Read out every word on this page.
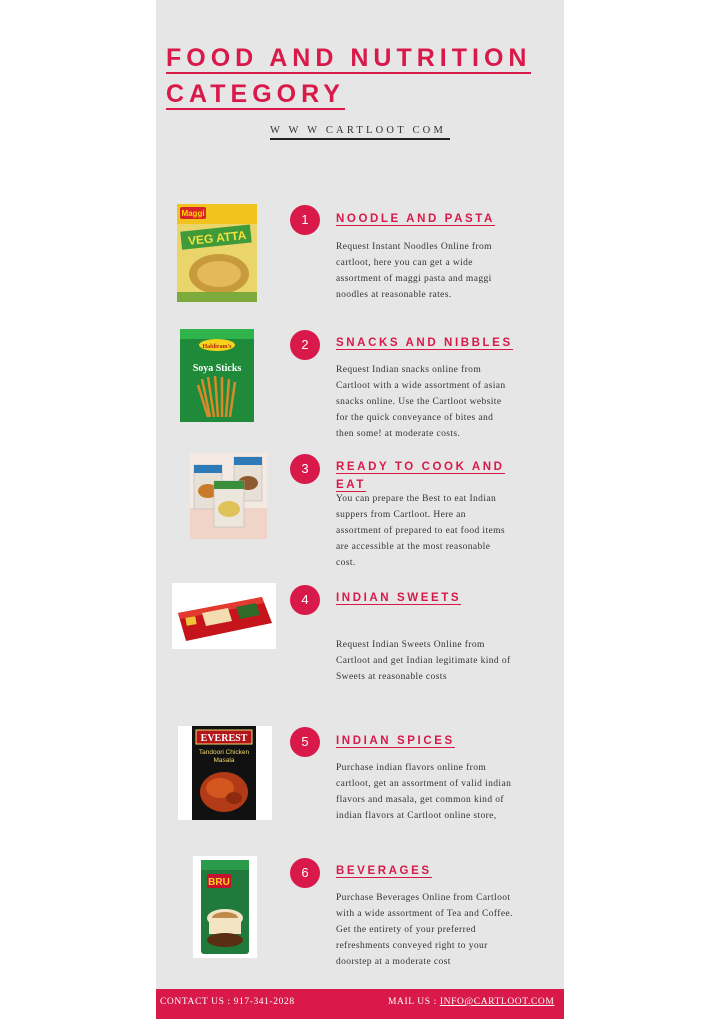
FOOD AND NUTRITION
CATEGORY
W W W CARTLOOT COM
Maggi
VEG ATTA
1	NOODLE AND PASTA
Request Instant Noodles Online from
cartloot, here you can get a wide
assortment of maggi pasta and maggi
noodles at reasonable rates.
Haldiram's
Soya Sticks
2	SNACKS AND NIBBLES
Request Indian snacks online from
Cartloot with a wide assortment of asian
snacks online. Use the Cartloot website
for the quick conveyance of bites and
then some! at moderate costs.
3	READY TO COOK AND
EAT
You can prepare the Best to eat Indian
suppers from Cartloot. Here an
assortment of prepared to eat food items
are accessible at the most reasonable
cost.
4	INDIAN SWEETS
Request Indian Sweets Online from
Cartloot and get Indian legitimate kind of
Sweets at reasonable costs
EVEREST
Tandoori Chicken
Masala
5	INDIAN SPICES
Purchase indian flavors online from
cartloot, get an assortment of valid indian
flavors and masala, get common kind of
indian flavors at Cartloot online store,
BRU
6	BEVERAGES
Purchase Beverages Online from Cartloot
with a wide assortment of Tea and Coffee.
Get the entirety of your preferred
refreshments conveyed right to your
doorstep at a moderate cost
CONTACT US : 917-341-2028	MAIL US : INFO@CARTLOOT.COM
